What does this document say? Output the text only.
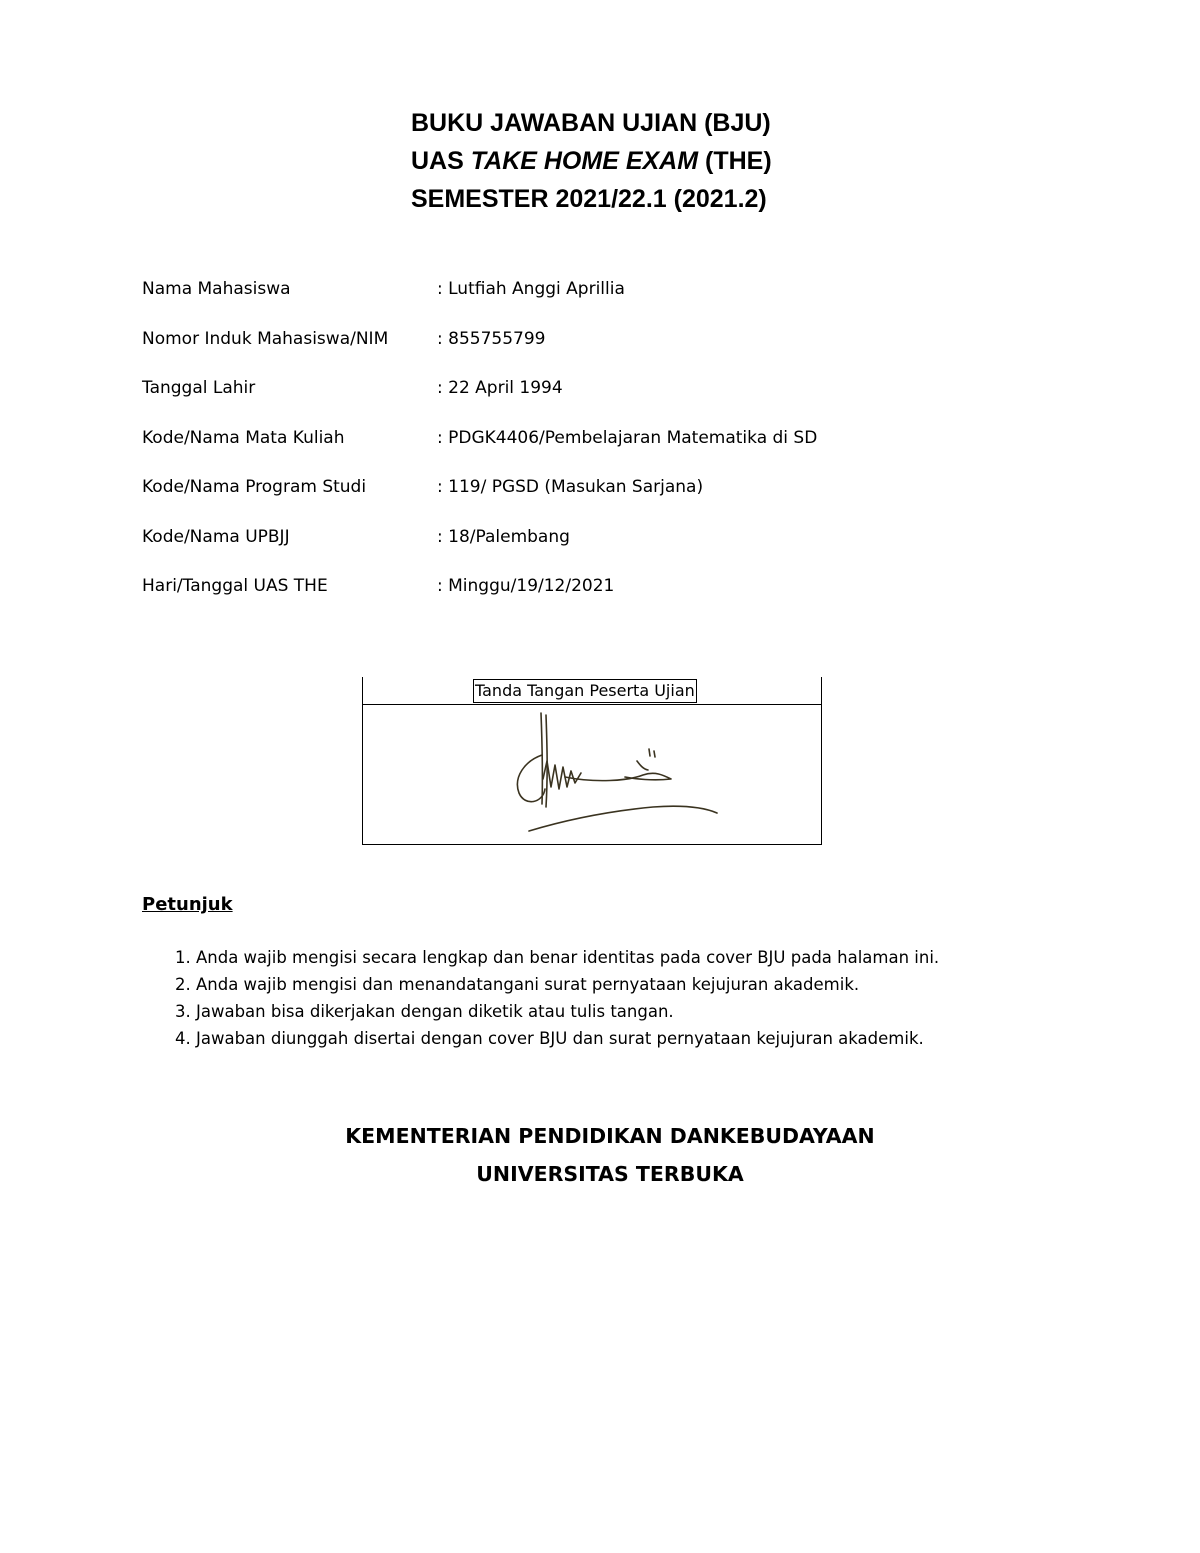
BUKU JAWABAN UJIAN (BJU)
UAS TAKE HOME EXAM (THE)
SEMESTER 2021/22.1 (2021.2)
Nama Mahasiswa	: Lutfiah Anggi Aprillia
Nomor Induk Mahasiswa/NIM	: 855755799
Tanggal Lahir	: 22 April 1994
Kode/Nama Mata Kuliah	: PDGK4406/Pembelajaran Matematika di SD
Kode/Nama Program Studi	: 119/ PGSD (Masukan Sarjana)
Kode/Nama UPBJJ	: 18/Palembang
Hari/Tanggal UAS THE	: Minggu/19/12/2021
Tanda Tangan Peserta Ujian
Petunjuk
1. Anda wajib mengisi secara lengkap dan benar identitas pada cover BJU pada halaman ini.
2. Anda wajib mengisi dan menandatangani surat pernyataan kejujuran akademik.
3. Jawaban bisa dikerjakan dengan diketik atau tulis tangan.
4. Jawaban diunggah disertai dengan cover BJU dan surat pernyataan kejujuran akademik.
KEMENTERIAN PENDIDIKAN DANKEBUDAYAAN
UNIVERSITAS TERBUKA
